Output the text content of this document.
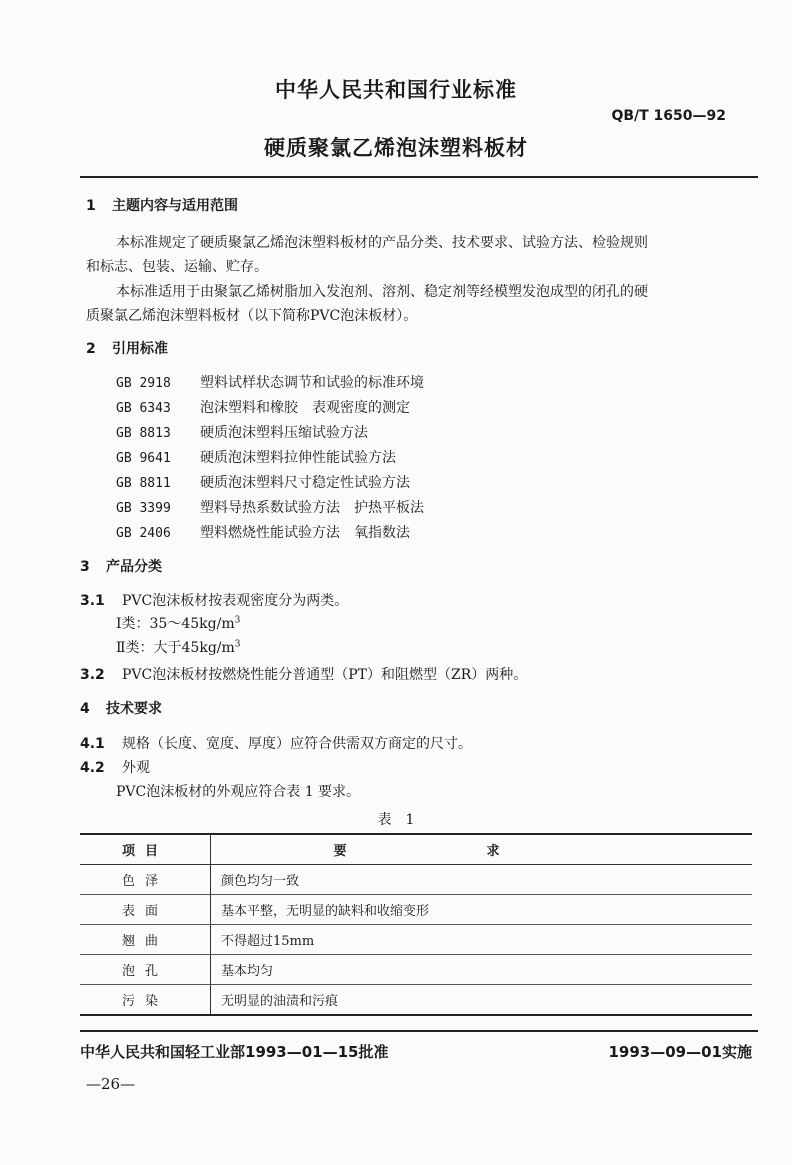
中华人民共和国行业标准
QB/T 1650—92
硬质聚氯乙烯泡沫塑料板材
1 主题内容与适用范围
本标准规定了硬质聚氯乙烯泡沫塑料板材的产品分类、技术要求、试验方法、检验规则
和标志、包装、运输、贮存。
本标准适用于由聚氯乙烯树脂加入发泡剂、溶剂、稳定剂等经模塑发泡成型的闭孔的硬
质聚氯乙烯泡沫塑料板材（以下简称PVC泡沫板材）。
2 引用标准
GB 2918 塑料试样状态调节和试验的标准环境
GB 6343 泡沫塑料和橡胶　表观密度的测定
GB 8813 硬质泡沫塑料压缩试验方法
GB 9641 硬质泡沫塑料拉伸性能试验方法
GB 8811 硬质泡沫塑料尺寸稳定性试验方法
GB 3399 塑料导热系数试验方法　护热平板法
GB 2406 塑料燃烧性能试验方法　氧指数法
3 产品分类
3.1 PVC泡沫板材按表观密度分为两类。
Ⅰ类：$35\sim 45kg/m^3$
Ⅱ类：大于$45kg/m^3$
3.2 PVC泡沫板材按燃烧性能分普通型（PT）和阻燃型（ZR）两种。
4 技术要求
4.1 规格（长度、宽度、厚度）应符合供需双方商定的尺寸。
4.2 外观
PVC泡沫板材的外观应符合表 1 要求。
表　1
项目	要求
色泽	颜色均匀一致
表面	基本平整，无明显的缺料和收缩变形
翘曲	不得超过15mm
泡孔	基本均匀
污染	无明显的油渍和污痕
中华人民共和国轻工业部1993—01—15批准	1993—09—01实施
—26—
